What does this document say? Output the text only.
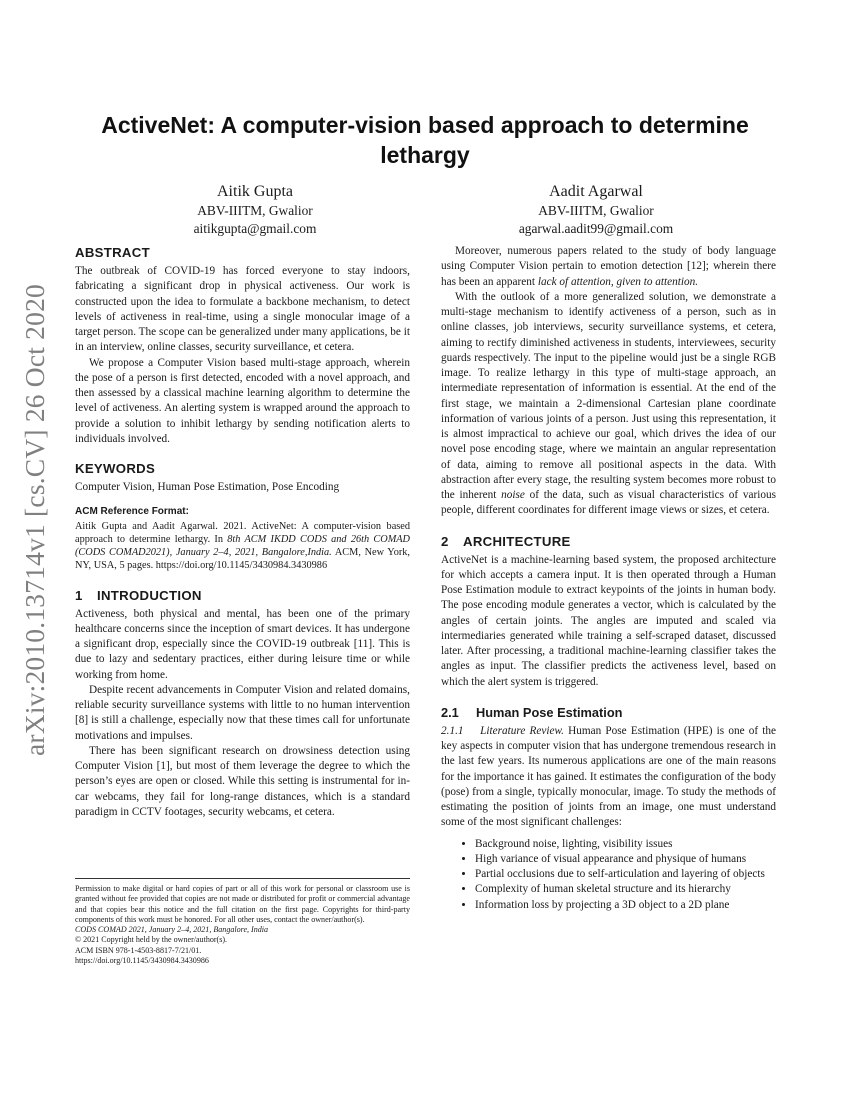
arXiv:2010.13714v1 [cs.CV] 26 Oct 2020
ActiveNet: A computer-vision based approach to determine lethargy
Aitik Gupta
ABV-IIITM, Gwalior
aitikgupta@gmail.com
Aadit Agarwal
ABV-IIITM, Gwalior
agarwal.aadit99@gmail.com
ABSTRACT

The outbreak of COVID-19 has forced everyone to stay indoors, fabricating a significant drop in physical activeness. Our work is constructed upon the idea to formulate a backbone mechanism, to detect levels of activeness in real-time, using a single monocular image of a target person. The scope can be generalized under many applications, be it in an interview, online classes, security surveillance, et cetera.

We propose a Computer Vision based multi-stage approach, wherein the pose of a person is first detected, encoded with a novel approach, and then assessed by a classical machine learning algorithm to determine the level of activeness. An alerting system is wrapped around the approach to provide a solution to inhibit lethargy by sending notification alerts to individuals involved.

KEYWORDS

Computer Vision, Human Pose Estimation, Pose Encoding

ACM Reference Format:

Aitik Gupta and Aadit Agarwal. 2021. ActiveNet: A computer-vision based approach to determine lethargy. In 8th ACM IKDD CODS and 26th COMAD (CODS COMAD2021), January 2–4, 2021, Bangalore,India. ACM, New York, NY, USA, 5 pages. https://doi.org/10.1145/3430984.3430986

1 INTRODUCTION

Activeness, both physical and mental, has been one of the primary healthcare concerns since the inception of smart devices. It has undergone a significant drop, especially since the COVID-19 outbreak [11]. This is due to lazy and sedentary practices, either during leisure time or while working from home.

Despite recent advancements in Computer Vision and related domains, reliable security surveillance systems with little to no human intervention [8] is still a challenge, especially now that these times call for unfortunate motivations and impulses.

There has been significant research on drowsiness detection using Computer Vision [1], but most of them leverage the degree to which the person’s eyes are open or closed. While this setting is instrumental for in-car webcams, they fail for long-range distances, which is a standard paradigm in CCTV footages, security webcams, et cetera.

Permission to make digital or hard copies of part or all of this work for personal or classroom use is granted without fee provided that copies are not made or distributed for profit or commercial advantage and that copies bear this notice and the full citation on the first page. Copyrights for third-party components of this work must be honored. For all other uses, contact the owner/author(s).

CODS COMAD 2021, January 2–4, 2021, Bangalore, India

© 2021 Copyright held by the owner/author(s).

ACM ISBN 978-1-4503-8817-7/21/01.

https://doi.org/10.1145/3430984.3430986

Moreover, numerous papers related to the study of body language using Computer Vision pertain to emotion detection [12]; wherein there has been an apparent lack of attention, given to attention.

With the outlook of a more generalized solution, we demonstrate a multi-stage mechanism to identify activeness of a person, such as in online classes, job interviews, security surveillance systems, et cetera, aiming to rectify diminished activeness in students, interviewees, security guards respectively. The input to the pipeline would just be a single RGB image. To realize lethargy in this type of multi-stage approach, an intermediate representation of information is essential. At the end of the first stage, we maintain a 2-dimensional Cartesian plane coordinate information of various joints of a person. Just using this representation, it is almost impractical to achieve our goal, which drives the idea of our novel pose encoding stage, where we maintain an angular representation of data, aiming to remove all positional aspects in the data. With abstraction after every stage, the resulting system becomes more robust to the inherent noise of the data, such as visual characteristics of various people, different coordinates for different image views or sizes, et cetera.

2 ARCHITECTURE

ActiveNet is a machine-learning based system, the proposed architecture for which accepts a camera input. It is then operated through a Human Pose Estimation module to extract keypoints of the joints in human body. The pose encoding module generates a vector, which is calculated by the angles of certain joints. The angles are imputed and scaled via intermediaries generated while training a self-scraped dataset, discussed later. After processing, a traditional machine-learning classifier takes the angles as input. The classifier predicts the activeness level, based on which the alert system is triggered.

2.1 Human Pose Estimation

2.1.1    Literature Review. Human Pose Estimation (HPE) is one of the key aspects in computer vision that has undergone tremendous research in the last few years. Its numerous applications are one of the main reasons for the importance it has gained. It estimates the configuration of the body (pose) from a single, typically monocular, image. To study the methods of estimating the position of joints from an image, one must understand some of the most significant challenges:

• Background noise, lighting, visibility issues
• High variance of visual appearance and physique of humans
• Partial occlusions due to self-articulation and layering of objects
• Complexity of human skeletal structure and its hierarchy
• Information loss by projecting a 3D object to a 2D plane
